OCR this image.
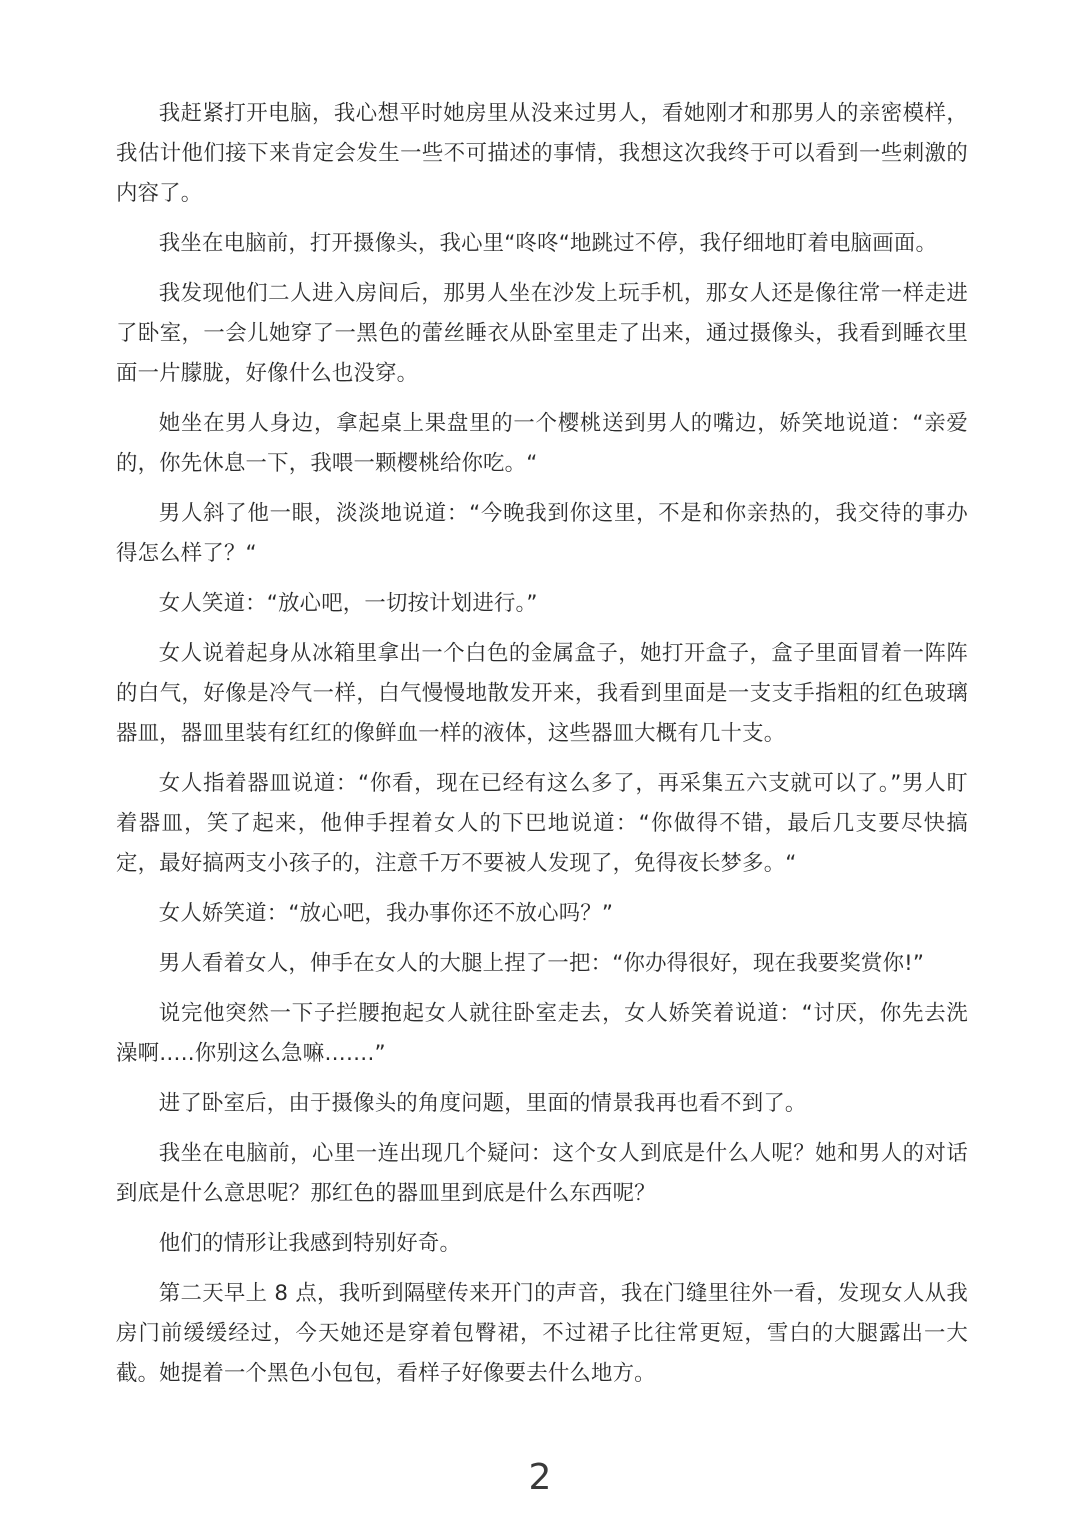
我赶紧打开电脑，我心想平时她房里从没来过男人，看她刚才和那男人的亲密模样，我估计他们接下来肯定会发生一些不可描述的事情，我想这次我终于可以看到一些刺激的内容了。

我坐在电脑前，打开摄像头，我心里“咚咚“地跳过不停，我仔细地盯着电脑画面。

我发现他们二人进入房间后，那男人坐在沙发上玩手机，那女人还是像往常一样走进了卧室，一会儿她穿了一黑色的蕾丝睡衣从卧室里走了出来，通过摄像头，我看到睡衣里面一片朦胧，好像什么也没穿。

她坐在男人身边，拿起桌上果盘里的一个樱桃送到男人的嘴边，娇笑地说道：“亲爱的，你先休息一下，我喂一颗樱桃给你吃。“

男人斜了他一眼，淡淡地说道：“今晚我到你这里，不是和你亲热的，我交待的事办得怎么样了？“

女人笑道：“放心吧，一切按计划进行。”

女人说着起身从冰箱里拿出一个白色的金属盒子，她打开盒子，盒子里面冒着一阵阵的白气，好像是冷气一样，白气慢慢地散发开来，我看到里面是一支支手指粗的红色玻璃器皿，器皿里装有红红的像鲜血一样的液体，这些器皿大概有几十支。

女人指着器皿说道：“你看，现在已经有这么多了，再采集五六支就可以了。”男人盯着器皿，笑了起来，他伸手捏着女人的下巴地说道：“你做得不错，最后几支要尽快搞定，最好搞两支小孩子的，注意千万不要被人发现了，免得夜长梦多。“

女人娇笑道：“放心吧，我办事你还不放心吗？”

男人看着女人，伸手在女人的大腿上捏了一把：“你办得很好，现在我要奖赏你!”

说完他突然一下子拦腰抱起女人就往卧室走去，女人娇笑着说道：“讨厌，你先去洗澡啊…..你别这么急嘛…….”

进了卧室后，由于摄像头的角度问题，里面的情景我再也看不到了。

我坐在电脑前，心里一连出现几个疑问：这个女人到底是什么人呢？她和男人的对话到底是什么意思呢？那红色的器皿里到底是什么东西呢？

他们的情形让我感到特别好奇。

第二天早上 8 点，我听到隔壁传来开门的声音，我在门缝里往外一看，发现女人从我房门前缓缓经过，今天她还是穿着包臀裙，不过裙子比往常更短，雪白的大腿露出一大截。她提着一个黑色小包包，看样子好像要去什么地方。

2
